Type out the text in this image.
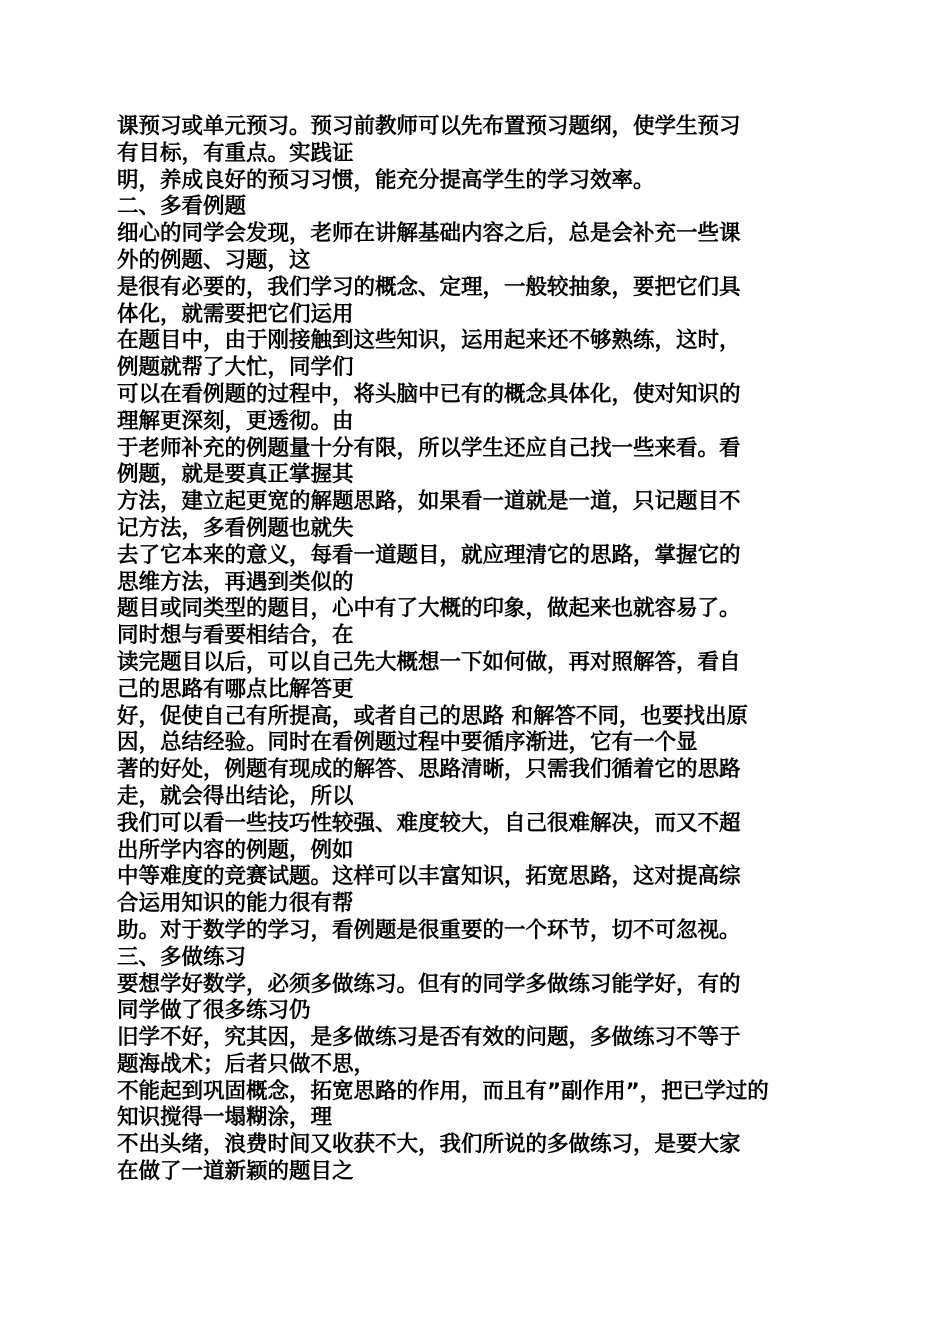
课预习或单元预习。预习前教师可以先布置预习题纲，使学生预习
有目标，有重点。实践证
明，养成良好的预习习惯，能充分提高学生的学习效率。
二、多看例题
细心的同学会发现，老师在讲解基础内容之后，总是会补充一些课
外的例题、习题，这
是很有必要的，我们学习的概念、定理，一般较抽象，要把它们具
体化，就需要把它们运用
在题目中，由于刚接触到这些知识，运用起来还不够熟练，这时，
例题就帮了大忙，同学们
可以在看例题的过程中，将头脑中已有的概念具体化，使对知识的
理解更深刻，更透彻。由
于老师补充的例题量十分有限，所以学生还应自己找一些来看。看
例题，就是要真正掌握其
方法，建立起更宽的解题思路，如果看一道就是一道，只记题目不
记方法，多看例题也就失
去了它本来的意义，每看一道题目，就应理清它的思路，掌握它的
思维方法，再遇到类似的
题目或同类型的题目，心中有了大概的印象，做起来也就容易了。
同时想与看要相结合，在
读完题目以后，可以自己先大概想一下如何做，再对照解答，看自
己的思路有哪点比解答更
好，促使自己有所提高，或者自己的思路 和解答不同，也要找出原
因，总结经验。同时在看例题过程中要循序渐进，它有一个显
著的好处，例题有现成的解答、思路清晰，只需我们循着它的思路
走，就会得出结论，所以
我们可以看一些技巧性较强、难度较大，自己很难解决，而又不超
出所学内容的例题，例如
中等难度的竞赛试题。这样可以丰富知识，拓宽思路，这对提高综
合运用知识的能力很有帮
助。对于数学的学习，看例题是很重要的一个环节，切不可忽视。
三、多做练习
要想学好数学，必须多做练习。但有的同学多做练习能学好，有的
同学做了很多练习仍
旧学不好，究其因，是多做练习是否有效的问题，多做练习不等于
题海战术；后者只做不思，
不能起到巩固概念，拓宽思路的作用，而且有”副作用”，把已学过的
知识搅得一塌糊涂，理
不出头绪，浪费时间又收获不大，我们所说的多做练习，是要大家
在做了一道新颖的题目之
